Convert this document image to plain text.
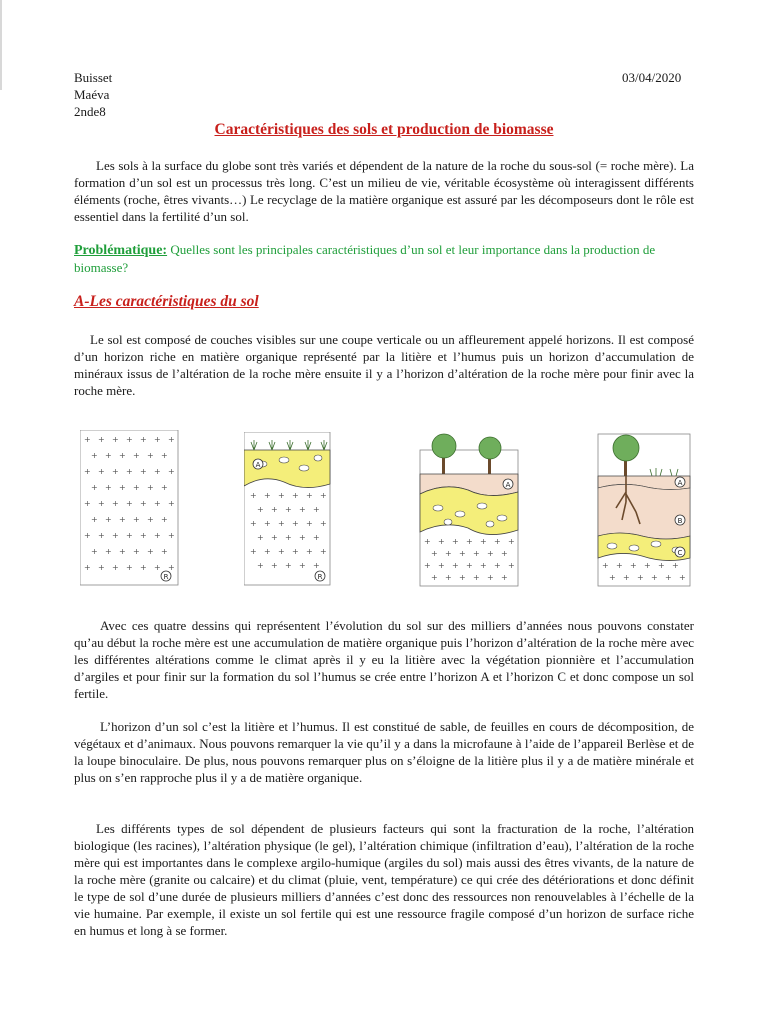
Buisset
Maéva
2nde8
03/04/2020
Caractéristiques des sols et production de biomasse

Les sols à la surface du globe sont très variés et dépendent de la nature de la roche du sous-sol (= roche mère). La formation d’un sol est un processus très long. C’est un milieu de vie, véritable écosystème où interagissent différents éléments (roche, êtres vivants…) Le recyclage de la matière organique est assuré par les décomposeurs dont le rôle est essentiel dans la fertilité d’un sol.

Problématique: Quelles sont les principales caractéristiques d’un sol et leur importance dans la production de biomasse?
A-Les caractéristiques du sol

Le sol est composé de couches visibles sur une coupe verticale ou un affleurement appelé horizons. Il est composé d’un horizon riche en matière organique représenté par la litière et l’humus puis un horizon d’accumulation de minéraux issus de l’altération de la roche mère ensuite il y a l’horizon d’altération de la roche mère pour finir avec la roche mère.

+ + + + + + +
+ + + + + +
+ + + + + + +
+ + + + + +
+ + + + + + +
+ + + + + +
+ + + + + + +
+ + + + + +
+ + + + + + +
R
A
+ + + + + +
+ + + + +
+ + + + + +
+ + + + +
+ + + + + +
+ + + + +
R
A
+ + + + + + +
+ + + + + +
+ + + + + + +
+ + + + + +
A
B
C
+ + + + + +
+ + + + + +

Avec ces quatre dessins qui représentent l’évolution du sol sur des milliers d’années nous pouvons constater qu’au début la roche mère est une accumulation de matière organique puis l’horizon d’altération de la roche mère avec les différentes altérations comme le climat après il y eu la litière avec la végétation pionnière et l’accumulation d’argiles et pour finir sur la formation du sol l’humus se crée entre l’horizon A et l’horizon C et donc compose un sol fertile.

L’horizon d’un sol c’est la litière et l’humus. Il est constitué de sable, de feuilles en cours de décomposition, de végétaux et d’animaux. Nous pouvons remarquer la vie qu’il y a dans la microfaune à l’aide de l’appareil Berlèse et de la loupe binoculaire. De plus, nous pouvons remarquer plus on s’éloigne de la litière plus il y a de matière minérale et plus on s’en rapproche plus il y a de matière organique.

Les différents types de sol dépendent de plusieurs facteurs qui sont la fracturation de la roche, l’altération biologique (les racines), l’altération physique (le gel), l’altération chimique (infiltration d’eau), l’altération de la roche mère qui est importantes dans le complexe argilo-humique (argiles du sol) mais aussi des êtres vivants, de la nature de la roche mère (granite ou calcaire) et du climat (pluie, vent, température) ce qui crée des détériorations et donc définit le type de sol d’une durée de plusieurs milliers d’années c’est donc des ressources non renouvelables à l’échelle de la vie humaine. Par exemple, il existe un sol fertile qui est une ressource fragile composé d’un horizon de surface riche en humus et long à se former.
